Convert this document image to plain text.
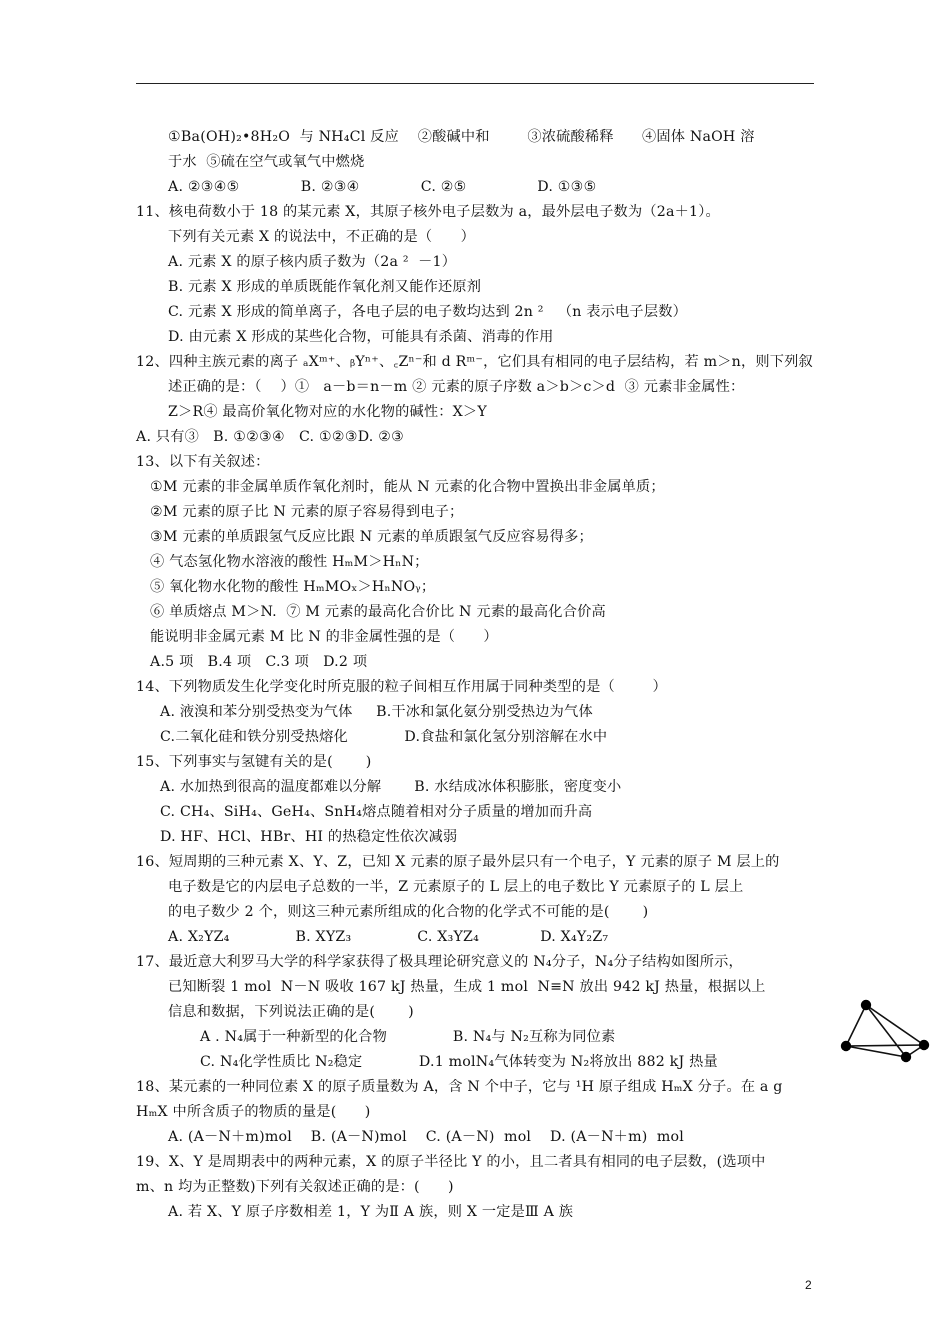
①Ba(OH)₂•8H₂O  与 NH₄Cl 反应    ②酸碱中和        ③浓硫酸稀释      ④固体 NaOH 溶
于水  ⑤硫在空气或氧气中燃烧
A. ②③④⑤             B. ②③④             C. ②⑤               D. ①③⑤
11、核电荷数小于 18 的某元素 X，其原子核外电子层数为 a，最外层电子数为（2a＋1）。
下列有关元素 X 的说法中，不正确的是（      ）
A. 元素 X 的原子核内质子数为（2a ²  －1）
B. 元素 X 形成的单质既能作氧化剂又能作还原剂
C. 元素 X 形成的简单离子，各电子层的电子数均达到 2n ²   （n 表示电子层数）
D. 由元素 X 形成的某些化合物，可能具有杀菌、消毒的作用
12、四种主族元素的离子 ₐXᵐ⁺、ᵦYⁿ⁺、꜀Zⁿ⁻和 d Rᵐ⁻，它们具有相同的电子层结构，若 m＞n，则下列叙
述正确的是：（    ）①   a－b＝n－m ② 元素的原子序数 a＞b＞c＞d  ③ 元素非金属性：
Z＞R④ 最高价氧化物对应的水化物的碱性：X＞Y
A. 只有③   B. ①②③④   C. ①②③D. ②③
13、以下有关叙述：
①M 元素的非金属单质作氧化剂时，能从 N 元素的化合物中置换出非金属单质；
②M 元素的原子比 N 元素的原子容易得到电子；
③M 元素的单质跟氢气反应比跟 N 元素的单质跟氢气反应容易得多；
④ 气态氢化物水溶液的酸性 HₘM＞HₙN；
⑤ 氧化物水化物的酸性 HₘMOₓ＞HₙNOᵧ；
⑥ 单质熔点 M＞N.  ⑦ M 元素的最高化合价比 N 元素的最高化合价高
能说明非金属元素 M 比 N 的非金属性强的是（      ）
A.5 项   B.4 项   C.3 项   D.2 项
14、下列物质发生化学变化时所克服的粒子间相互作用属于同种类型的是（        ）
A. 液溴和苯分别受热变为气体     B.干冰和氯化氨分别受热边为气体
C.二氧化硅和铁分别受热熔化            D.食盐和氯化氢分别溶解在水中
15、下列事实与氢键有关的是(       )
A. 水加热到很高的温度都难以分解       B. 水结成冰体积膨胀，密度变小
C. CH₄、SiH₄、GeH₄、SnH₄熔点随着相对分子质量的增加而升高
D. HF、HCl、HBr、HI 的热稳定性依次减弱
16、短周期的三种元素 X、Y、Z，已知 X 元素的原子最外层只有一个电子，Y 元素的原子 M 层上的
电子数是它的内层电子总数的一半，Z 元素原子的 L 层上的电子数比 Y 元素原子的 L 层上
的电子数少 2 个，则这三种元素所组成的化合物的化学式不可能的是(       )
A. X₂YZ₄              B. XYZ₃              C. X₃YZ₄             D. X₄Y₂Z₇
17、最近意大利罗马大学的科学家获得了极具理论研究意义的 N₄分子，N₄分子结构如图所示，
已知断裂 1 mol  N－N 吸收 167 kJ 热量，生成 1 mol  N≡N 放出 942 kJ 热量，根据以上
信息和数据，下列说法正确的是(       )
A . N₄属于一种新型的化合物              B. N₄与 N₂互称为同位素
C. N₄化学性质比 N₂稳定            D.1 molN₄气体转变为 N₂将放出 882 kJ 热量
18、某元素的一种同位素 X 的原子质量数为 A，含 N 个中子，它与 ¹H 原子组成 HₘX 分子。在 a g
HₘX 中所含质子的物质的量是(      )
A. (A－N＋m)mol    B. (A－N)mol    C. (A－N)  mol    D. (A－N＋m)  mol
19、X、Y 是周期表中的两种元素，X 的原子半径比 Y 的小，且二者具有相同的电子层数，(选项中
m、n 均为正整数)下列有关叙述正确的是：(      )
A. 若 X、Y 原子序数相差 1，Y 为Ⅱ A 族，则 X 一定是Ⅲ A 族
2
